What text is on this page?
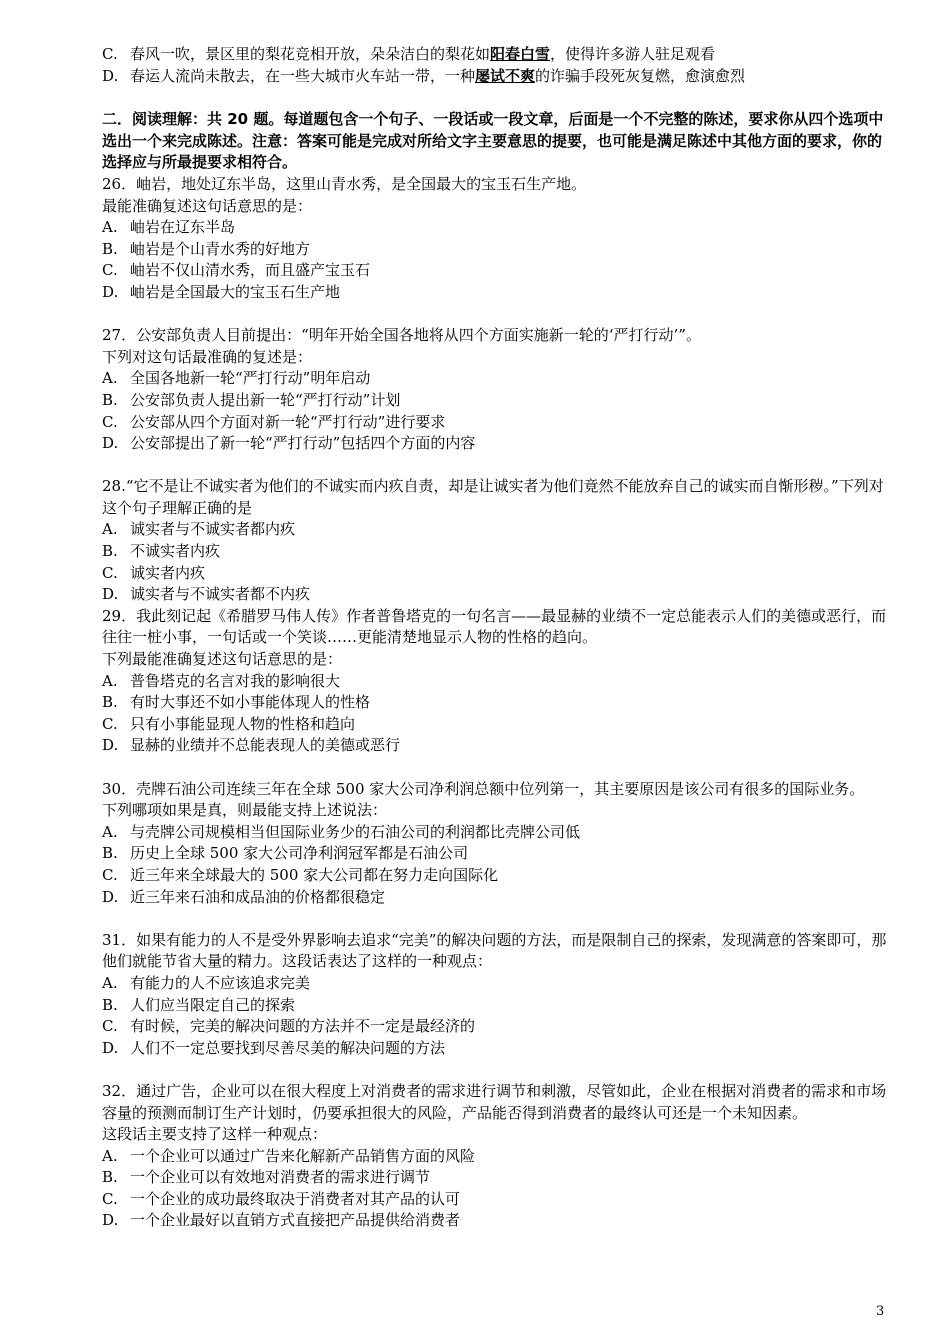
C. 春风一吹，景区里的梨花竞相开放，朵朵洁白的梨花如阳春白雪，使得许多游人驻足观看
D. 春运人流尚未散去，在一些大城市火车站一带，一种屡试不爽的诈骗手段死灰复燃，愈演愈烈
二．阅读理解：共 20 题。每道题包含一个句子、一段话或一段文章，后面是一个不完整的陈述，要求你从四个选项中选出一个来完成陈述。注意：答案可能是完成对所给文字主要意思的提要，也可能是满足陈述中其他方面的要求，你的选择应与所最提要求相符合。
26．岫岩，地处辽东半岛，这里山青水秀，是全国最大的宝玉石生产地。
最能准确复述这句话意思的是：
A. 岫岩在辽东半岛
B. 岫岩是个山青水秀的好地方
C. 岫岩不仅山清水秀，而且盛产宝玉石
D. 岫岩是全国最大的宝玉石生产地
27．公安部负责人目前提出：“明年开始全国各地将从四个方面实施新一轮的‘严打行动’”。
下列对这句话最准确的复述是：
A. 全国各地新一轮“严打行动”明年启动
B. 公安部负责人提出新一轮“严打行动”计划
C. 公安部从四个方面对新一轮“严打行动”进行要求
D. 公安部提出了新一轮“严打行动”包括四个方面的内容
28.“它不是让不诚实者为他们的不诚实而内疚自责，却是让诚实者为他们竟然不能放弃自己的诚实而自惭形秽。”下列对这个句子理解正确的是
A. 诚实者与不诚实者都内疚
B. 不诚实者内疚
C. 诚实者内疚
D. 诚实者与不诚实者都不内疚
29．我此刻记起《希腊罗马伟人传》作者普鲁塔克的一句名言——最显赫的业绩不一定总能表示人们的美德或恶行，而往往一桩小事，一句话或一个笑谈……更能清楚地显示人物的性格的趋向。
下列最能准确复述这句话意思的是：
A. 普鲁塔克的名言对我的影响很大
B. 有时大事还不如小事能体现人的性格
C. 只有小事能显现人物的性格和趋向
D. 显赫的业绩并不总能表现人的美德或恶行
30．壳牌石油公司连续三年在全球 500 家大公司净利润总额中位列第一，其主要原因是该公司有很多的国际业务。
下列哪项如果是真，则最能支持上述说法：
A. 与壳牌公司规模相当但国际业务少的石油公司的利润都比壳牌公司低
B. 历史上全球 500 家大公司净利润冠军都是石油公司
C. 近三年来全球最大的 500 家大公司都在努力走向国际化
D. 近三年来石油和成品油的价格都很稳定
31．如果有能力的人不是受外界影响去追求“完美”的解决问题的方法，而是限制自己的探索，发现满意的答案即可，那他们就能节省大量的精力。这段话表达了这样的一种观点：
A. 有能力的人不应该追求完美
B. 人们应当限定自己的探索
C. 有时候，完美的解决问题的方法并不一定是最经济的
D. 人们不一定总要找到尽善尽美的解决问题的方法
32．通过广告，企业可以在很大程度上对消费者的需求进行调节和刺激，尽管如此，企业在根据对消费者的需求和市场容量的预测而制订生产计划时，仍要承担很大的风险，产品能否得到消费者的最终认可还是一个未知因素。
这段话主要支持了这样一种观点：
A. 一个企业可以通过广告来化解新产品销售方面的风险
B. 一个企业可以有效地对消费者的需求进行调节
C. 一个企业的成功最终取决于消费者对其产品的认可
D. 一个企业最好以直销方式直接把产品提供给消费者
3
